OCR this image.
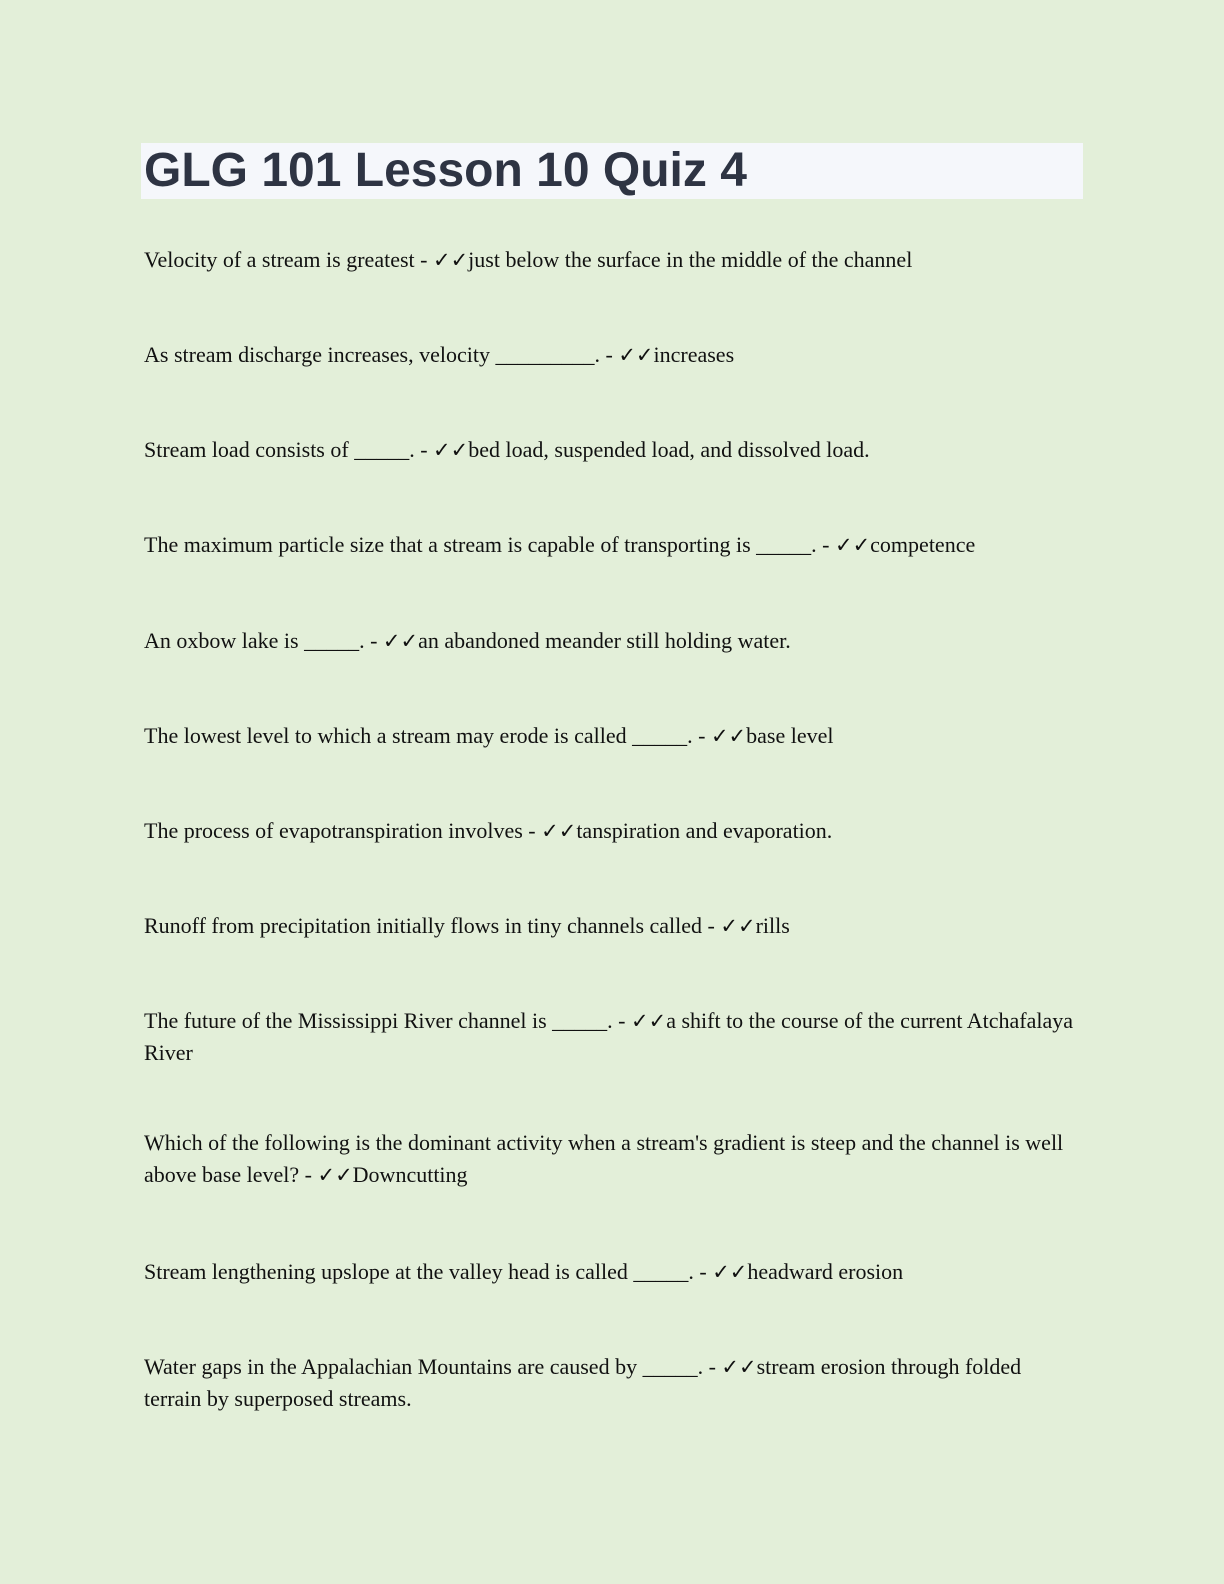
GLG 101 Lesson 10 Quiz 4

Velocity of a stream is greatest - ✓✓just below the surface in the middle of the channel

As stream discharge increases, velocity _________. - ✓✓increases

Stream load consists of _____. - ✓✓bed load, suspended load, and dissolved load.

The maximum particle size that a stream is capable of transporting is _____. - ✓✓competence

An oxbow lake is _____. - ✓✓an abandoned meander still holding water.

The lowest level to which a stream may erode is called _____. - ✓✓base level

The process of evapotranspiration involves - ✓✓tanspiration and evaporation.

Runoff from precipitation initially flows in tiny channels called - ✓✓rills

The future of the Mississippi River channel is _____. - ✓✓a shift to the course of the current Atchafalaya River

Which of the following is the dominant activity when a stream's gradient is steep and the channel is well above base level? - ✓✓Downcutting

Stream lengthening upslope at the valley head is called _____. - ✓✓headward erosion

Water gaps in the Appalachian Mountains are caused by _____. - ✓✓stream erosion through folded terrain by superposed streams.
